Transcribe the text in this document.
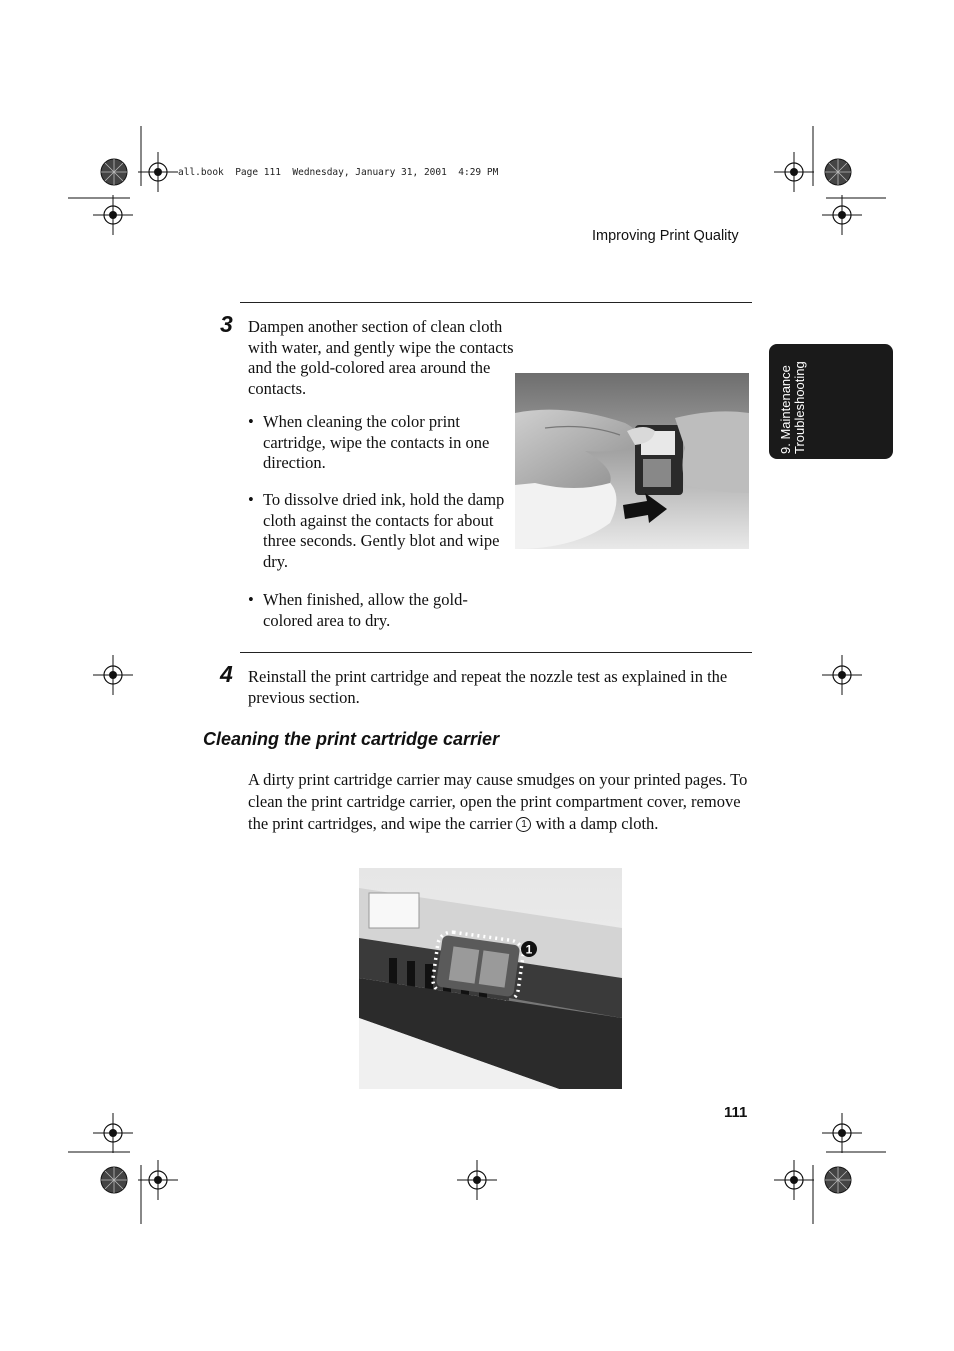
all.book  Page 111  Wednesday, January 31, 2001  4:29 PM
Improving Print Quality
9. Maintenance Troubleshooting
3 Dampen another section of clean cloth with water, and gently wipe the contacts and the gold-colored area around the contacts.
• When cleaning the color print cartridge, wipe the contacts in one direction.
• To dissolve dried ink, hold the damp cloth against the contacts for about three seconds. Gently blot and wipe dry.
• When finished, allow the gold-colored area to dry.
4 Reinstall the print cartridge and repeat the nozzle test as explained in the previous section.
Cleaning the print cartridge carrier
A dirty print cartridge carrier may cause smudges on your printed pages. To clean the print cartridge carrier, open the print compartment cover, remove the print cartridges, and wipe the carrier 1 with a damp cloth.
1
111
